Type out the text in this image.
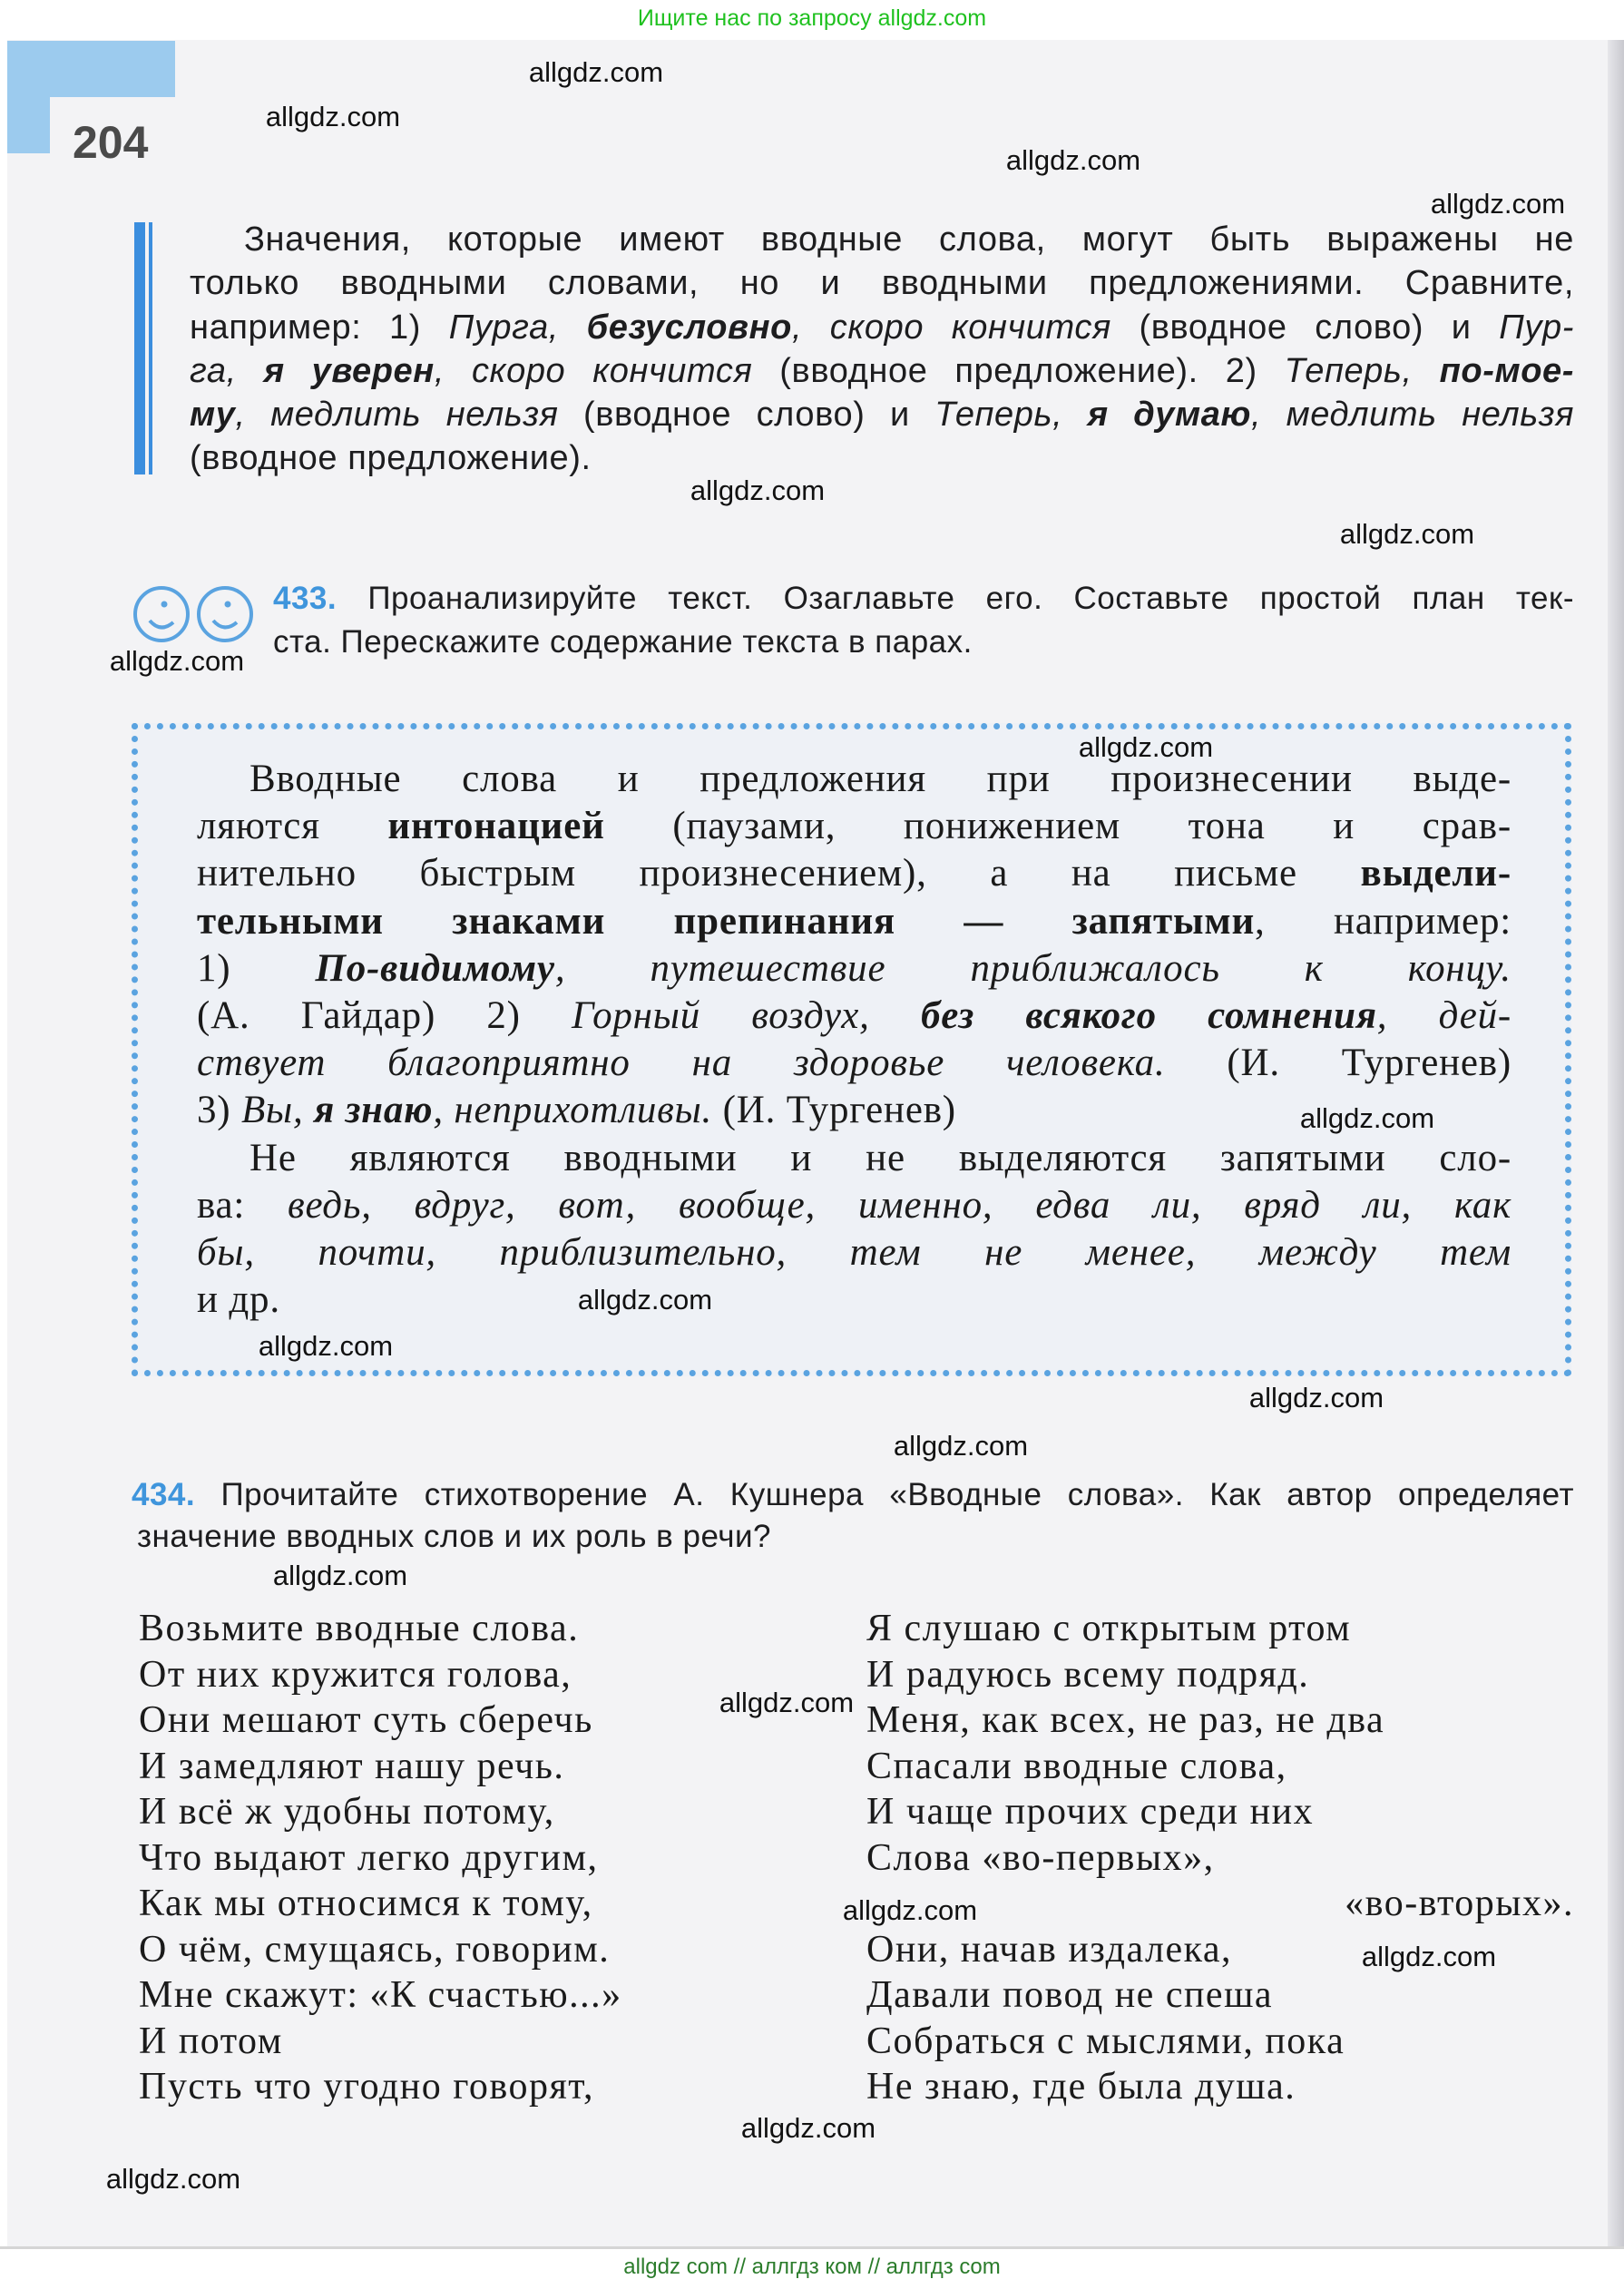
Ищите нас по запросу allgdz.com
204
Значения, которые имеют вводные слова, могут быть выражены не
только вводными словами, но и вводными предложениями. Сравните,
например: 1) Пурга, безусловно, скоро кончится (вводное слово) и Пур-
га, я уверен, скоро кончится (вводное предложение). 2) Теперь, по-мое-
му, медлить нельзя (вводное слово) и Теперь, я думаю, медлить нельзя
(вводное предложение).
433. Проанализируйте текст. Озаглавьте его. Составьте простой план тек-
ста. Перескажите содержание текста в парах.
Вводные слова и предложения при произнесении выде-
ляются интонацией (паузами, понижением тона и срав-
нительно быстрым произнесением), а на письме выдели-
тельными знаками препинания — запятыми, например:
1) По-видимому, путешествие приближалось к концу.
(А. Гайдар) 2) Горный воздух, без всякого сомнения, дей-
ствует благоприятно на здоровье человека. (И. Тургенев)
3) Вы, я знаю, неприхотливы. (И. Тургенев)
Не являются вводными и не выделяются запятыми сло-
ва: ведь, вдруг, вот, вообще, именно, едва ли, вряд ли, как
бы, почти, приблизительно, тем не менее, между тем
и др.
434. Прочитайте стихотворение А. Кушнера «Вводные слова». Как автор определяет
значение вводных слов и их роль в речи?
Возьмите вводные слова.
От них кружится голова,
Они мешают суть сберечь
И замедляют нашу речь.
И всё ж удобны потому,
Что выдают легко другим,
Как мы относимся к тому,
О чём, смущаясь, говорим.
Мне скажут: «К счастью...»
И потом
Пусть что угодно говорят,
Я слушаю с открытым ртом
И радуюсь всему подряд.
Меня, как всех, не раз, не два
Спасали вводные слова,
И чаще прочих среди них
Слова «во-первых»,
«во-вторых».
Они, начав издалека,
Давали повод не спеша
Собраться с мыслями, пока
Не знаю, где была душа.
allgdz.com
allgdz.com
allgdz.com
allgdz.com
allgdz.com
allgdz.com
allgdz.com
allgdz.com
allgdz.com
allgdz.com
allgdz.com
allgdz.com
allgdz.com
allgdz.com
allgdz.com
allgdz.com
allgdz.com
allgdz.com
allgdz.com
allgdz com // аллгдз ком // аллгдз com
